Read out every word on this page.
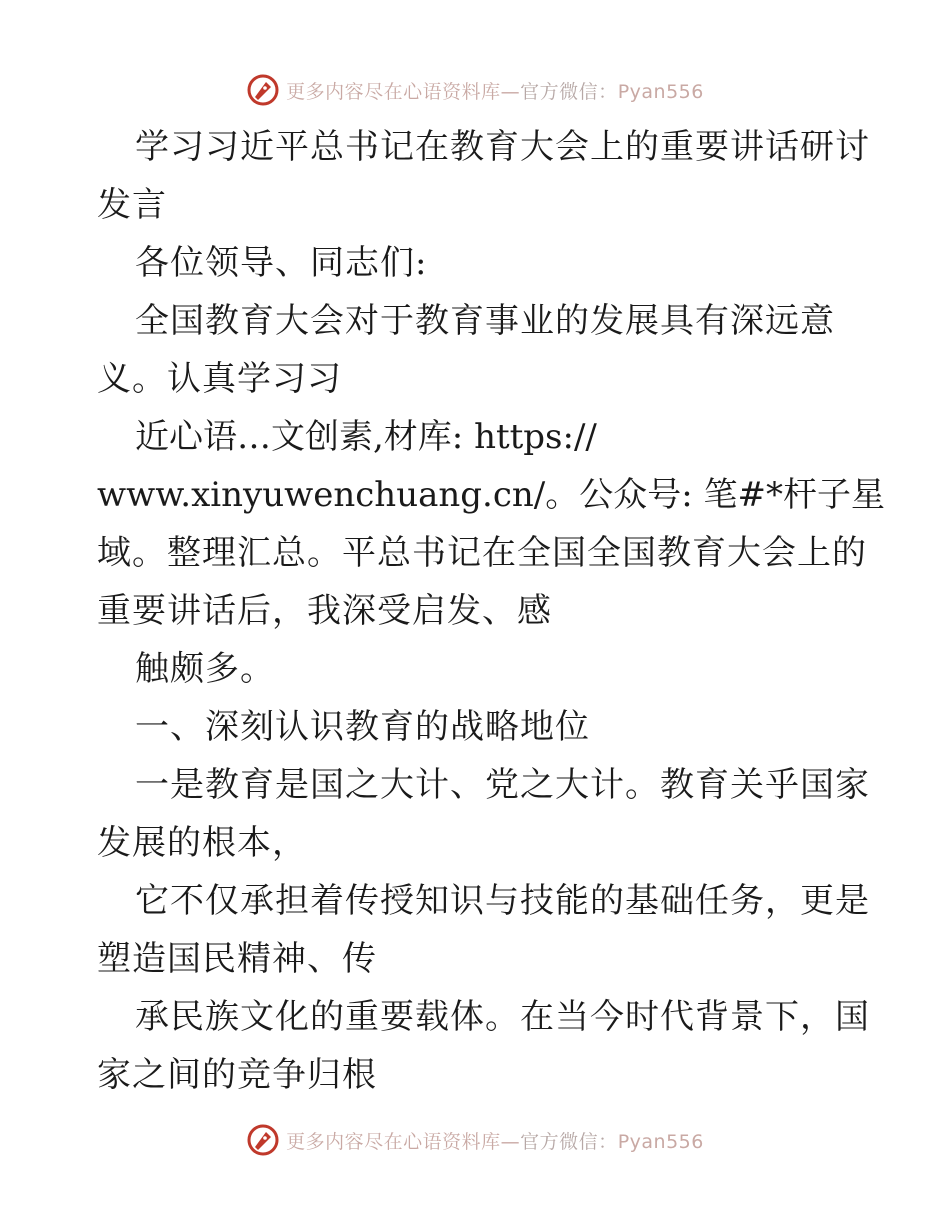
更多内容尽在心语资料库—官方微信：Pyan556
学习习近平总书记在教育大会上的重要讲话研讨
发言
各位领导、同志们:
全国教育大会对于教育事业的发展具有深远意
义。认真学习习
近心语…文创素,材库: https://
www.xinyuwenchuang.cn/。公众号: 笔#*杆子星
域。整理汇总。平总书记在全国全国教育大会上的
重要讲话后，我深受启发、感
触颇多。
一、深刻认识教育的战略地位
一是教育是国之大计、党之大计。教育关乎国家
发展的根本，
它不仅承担着传授知识与技能的基础任务，更是
塑造国民精神、传
承民族文化的重要载体。在当今时代背景下，国
家之间的竞争归根
更多内容尽在心语资料库—官方微信：Pyan556
